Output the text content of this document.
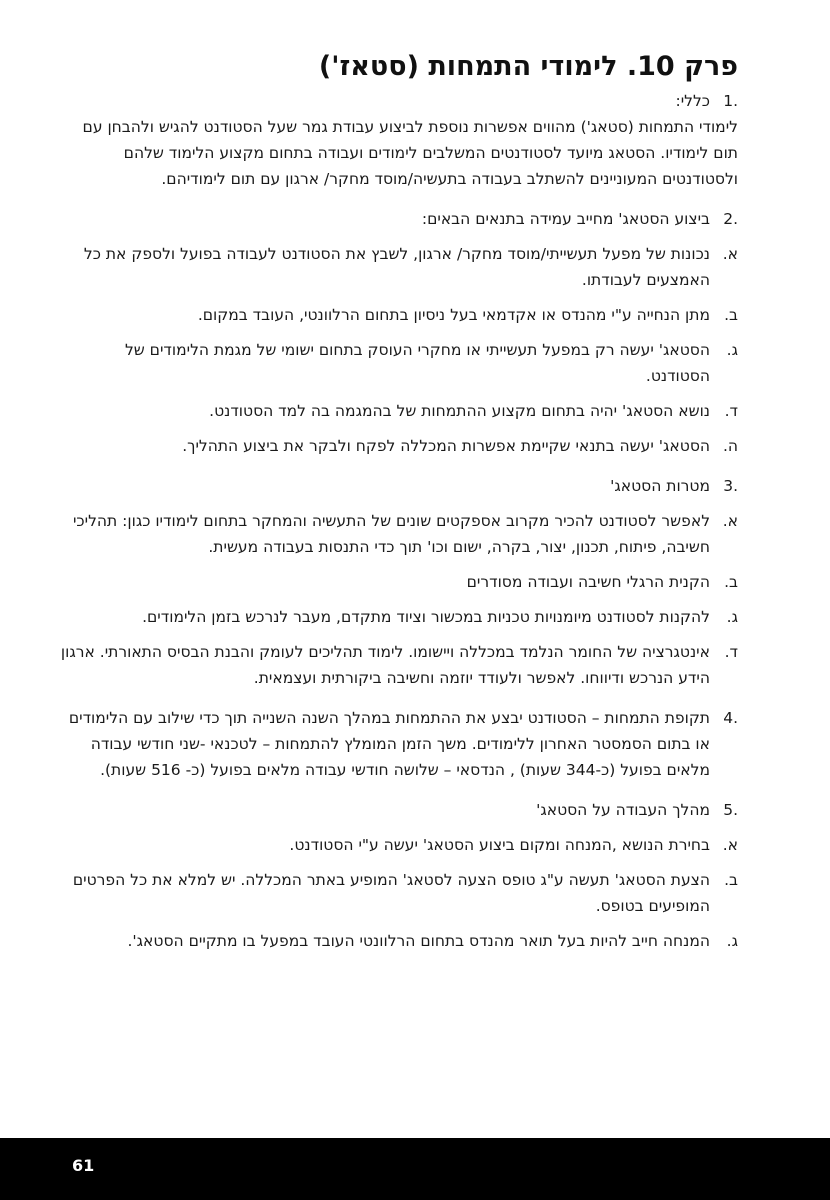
פרק 10. לימודי התמחות (סטאז')
.1
כללי:
לימודי התמחות (סטאג') מהווים אפשרות נוספת לביצוע עבודת גמר שעל הסטודנט להגיש ולהבחן עם תום לימודיו. הסטאג מיועד לסטודנטים המשלבים לימודים ועבודה בתחום מקצוע הלימוד שלהם ולסטודנטים המעוניינים להשתלב בעבודה בתעשיה/מוסד מחקר/ ארגון עם תום לימודיהם.
.2
ביצוע הסטאג' מחייב עמידה בתנאים הבאים:
א.
נכונות של מפעל תעשייתי/מוסד מחקר/ ארגון, לשבץ את הסטודנט לעבודה בפועל ולספק את כל האמצעים לעבודתו.
ב.
מתן הנחייה ע"י מהנדס או אקדמאי בעל ניסיון בתחום הרלוונטי, העובד במקום.
ג.
הסטאג' יעשה רק במפעל תעשייתי או מחקרי העוסק בתחום ישומי של מגמת הלימודים של הסטודנט.
ד.
נושא הסטאג' יהיה בתחום מקצוע ההתמחות של בהמגמה בה למד הסטודנט.
ה.
הסטאג' יעשה בתנאי שקיימת אפשרות המכללה לפקח ולבקר את ביצוע התהליך.
.3
מטרות הסטאג'
א.
לאפשר לסטודנט להכיר מקרוב אספקטים שונים של התעשיה והמחקר בתחום לימודיו כגון: תהליכי חשיבה, פיתוח, תכנון, יצור, בקרה, ישום וכו' תוך כדי התנסות בעבודה מעשית.
ב.
הקנית הרגלי חשיבה ועבודה מסודרים
ג.
להקנות לסטודנט מיומנויות טכניות במכשור וציוד מתקדם, מעבר לנרכש בזמן הלימודים.
ד.
אינטגרציה של החומר הנלמד במכללה ויישומו. לימוד תהליכים לעומק והבנת הבסיס התאורתי. ארגון הידע הנרכש ודיווחו. לאפשר ולעודד יוזמה וחשיבה ביקורתית ועצמאית.
.4
תקופת התמחות – הסטודנט יבצע את ההתמחות במהלך השנה השנייה תוך כדי שילוב עם הלימודים או בתום הסמסטר האחרון ללימודים. משך הזמן המומלץ להתמחות – לטכנאי -שני חודשי עבודה מלאים בפועל (כ-344 שעות) , הנדסאי – שלושה חודשי עבודה מלאים בפועל (כ- 516 שעות).
.5
מהלך העבודה על הסטאג'
א.
בחירת הנושא ,המנחה ומקום ביצוע הסטאג' יעשה ע"י הסטודנט.
ב.
הצעת הסטאג' תעשה ע"ג טופס הצעה לסטאג' המופיע באתר המכללה. יש למלא את כל הפרטים המופיעים בטופס.
ג.
המנחה חייב להיות בעל תואר מהנדס בתחום הרלוונטי העובד במפעל בו מתקיים הסטאג'.
61
